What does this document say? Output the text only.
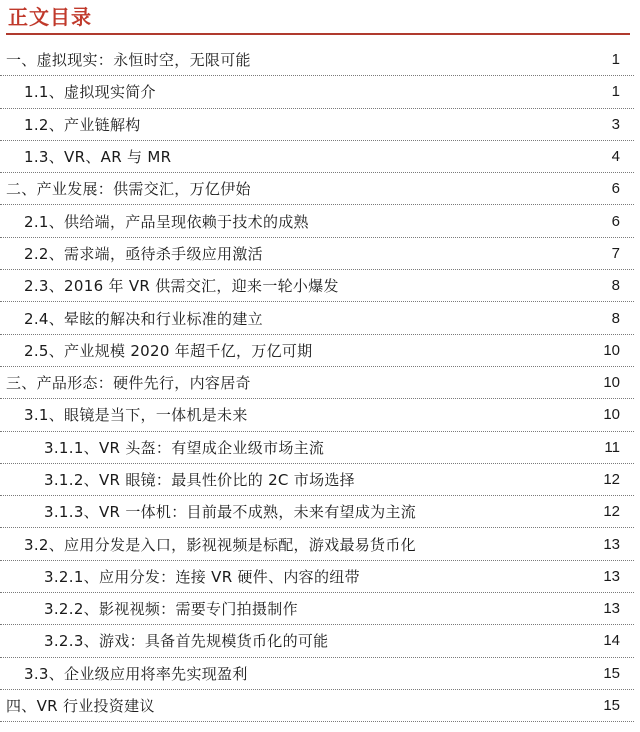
正文目录
一、虚拟现实：永恒时空，无限可能	1
1.1、虚拟现实简介	1
1.2、产业链解构	3
1.3、VR、AR 与 MR	4
二、产业发展：供需交汇，万亿伊始	6
2.1、供给端，产品呈现依赖于技术的成熟	6
2.2、需求端，亟待杀手级应用激活	7
2.3、2016 年 VR 供需交汇，迎来一轮小爆发	8
2.4、晕眩的解决和行业标准的建立	8
2.5、产业规模 2020 年超千亿，万亿可期	10
三、产品形态：硬件先行，内容居奇	10
3.1、眼镜是当下，一体机是未来	10
3.1.1、VR 头盔：有望成企业级市场主流	11
3.1.2、VR 眼镜：最具性价比的 2C 市场选择	12
3.1.3、VR 一体机：目前最不成熟，未来有望成为主流	12
3.2、应用分发是入口，影视视频是标配，游戏最易货币化	13
3.2.1、应用分发：连接 VR 硬件、内容的纽带	13
3.2.2、影视视频：需要专门拍摄制作	13
3.2.3、游戏：具备首先规模货币化的可能	14
3.3、企业级应用将率先实现盈利	15
四、VR 行业投资建议	15
